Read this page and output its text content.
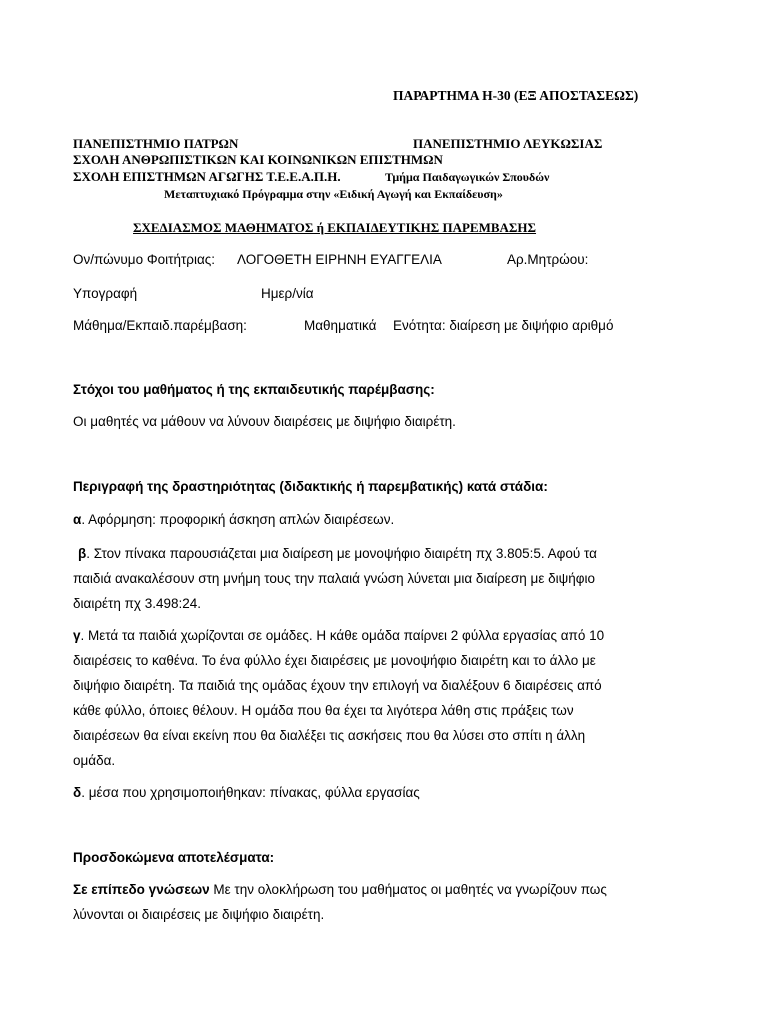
ΠΑΡΑΡΤΗΜΑ Η-30 (ΕΞ ΑΠΟΣΤΑΣΕΩΣ)
ΠΑΝΕΠΙΣΤΗΜΙΟ ΠΑΤΡΩΝ	ΠΑΝΕΠΙΣΤΗΜΙΟ ΛΕΥΚΩΣΙΑΣ
ΣΧΟΛΗ ΑΝΘΡΩΠΙΣΤΙΚΩΝ ΚΑΙ ΚΟΙΝΩΝΙΚΩΝ ΕΠΙΣΤΗΜΩΝ
ΣΧΟΛΗ ΕΠΙΣΤΗΜΩΝ ΑΓΩΓΗΣ Τ.Ε.Ε.Α.Π.Η.	Τμήμα Παιδαγωγικών Σπουδών
Μεταπτυχιακό Πρόγραμμα στην «Ειδική Αγωγή και Εκπαίδευση»
ΣΧΕΔΙΑΣΜΟΣ ΜΑΘΗΜΑΤΟΣ ή ΕΚΠΑΙΔΕΥΤΙΚΗΣ ΠΑΡΕΜΒΑΣΗΣ
Ον/πώνυμο Φοιτήτριας: ΛΟΓΟΘΕΤΗ ΕΙΡΗΝΗ ΕΥΑΓΓΕΛΙΑ	Αρ.Μητρώου:
Υπογραφή	Ημερ/νία
Μάθημα/Εκπαιδ.παρέμβαση:	Μαθηματικά Ενότητα: διαίρεση με διψήφιο αριθμό
Στόχοι του μαθήματος ή της εκπαιδευτικής παρέμβασης:
Οι μαθητές να μάθουν να λύνουν διαιρέσεις με διψήφιο διαιρέτη.
Περιγραφή της δραστηριότητας (διδακτικής ή παρεμβατικής) κατά στάδια:
α. Αφόρμηση: προφορική άσκηση απλών διαιρέσεων.
β. Στον πίνακα παρουσιάζεται μια διαίρεση με μονοψήφιο διαιρέτη πχ 3.805:5. Αφού τα
παιδιά ανακαλέσουν στη μνήμη τους την παλαιά γνώση λύνεται μια διαίρεση με διψήφιο
διαιρέτη πχ 3.498:24.
γ. Μετά τα παιδιά χωρίζονται σε ομάδες. Η κάθε ομάδα παίρνει 2 φύλλα εργασίας από 10
διαιρέσεις το καθένα. Το ένα φύλλο έχει διαιρέσεις με μονοψήφιο διαιρέτη και το άλλο με
διψήφιο διαιρέτη. Τα παιδιά της ομάδας έχουν την επιλογή να διαλέξουν 6 διαιρέσεις από
κάθε φύλλο, όποιες θέλουν. Η ομάδα που θα έχει τα λιγότερα λάθη στις πράξεις των
διαιρέσεων θα είναι εκείνη που θα διαλέξει τις ασκήσεις που θα λύσει στο σπίτι η άλλη
ομάδα.
δ. μέσα που χρησιμοποιήθηκαν: πίνακας, φύλλα εργασίας
Προσδοκώμενα αποτελέσματα:
Σε επίπεδο γνώσεων Με την ολοκλήρωση του μαθήματος οι μαθητές να γνωρίζουν πως
λύνονται οι διαιρέσεις με διψήφιο διαιρέτη.
